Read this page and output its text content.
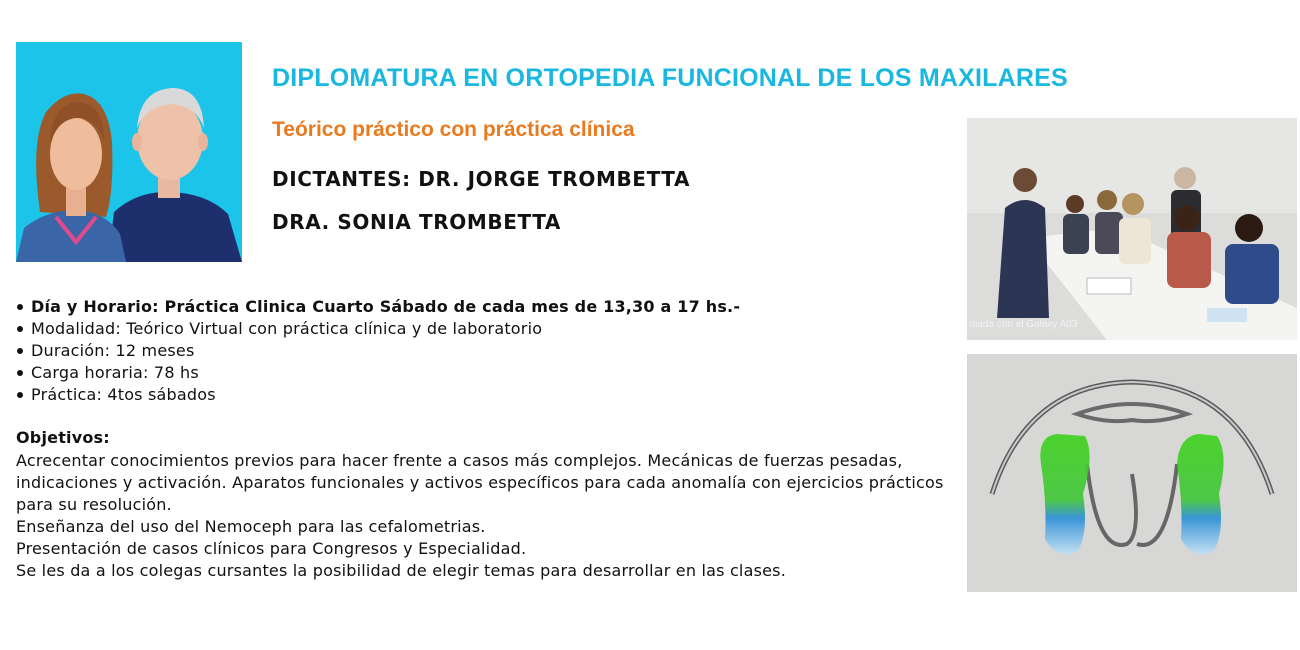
DIPLOMATURA EN ORTOPEDIA FUNCIONAL DE LOS MAXILARES
Teórico práctico con práctica clínica
DICTANTES: DR. JORGE TROMBETTA
DRA. SONIA TROMBETTA
mada con el Galaxy A03
Día y Horario: Práctica Clinica Cuarto Sábado de cada mes de 13,30 a 17 hs.-
Modalidad: Teórico Virtual con práctica clínica y de laboratorio
Duración: 12 meses
Carga horaria: 78 hs
Práctica: 4tos sábados
Objetivos:

Acrecentar conocimientos previos para hacer frente a casos más complejos. Mecánicas de fuerzas pesadas, indicaciones y activación. Aparatos funcionales y activos específicos para cada anomalía con ejercicios prácticos para su resolución.

Enseñanza del uso del Nemoceph para las cefalometrias.

Presentación de casos clínicos para Congresos y Especialidad.

Se les da a los colegas cursantes la posibilidad de elegir temas para desarrollar en las clases.
